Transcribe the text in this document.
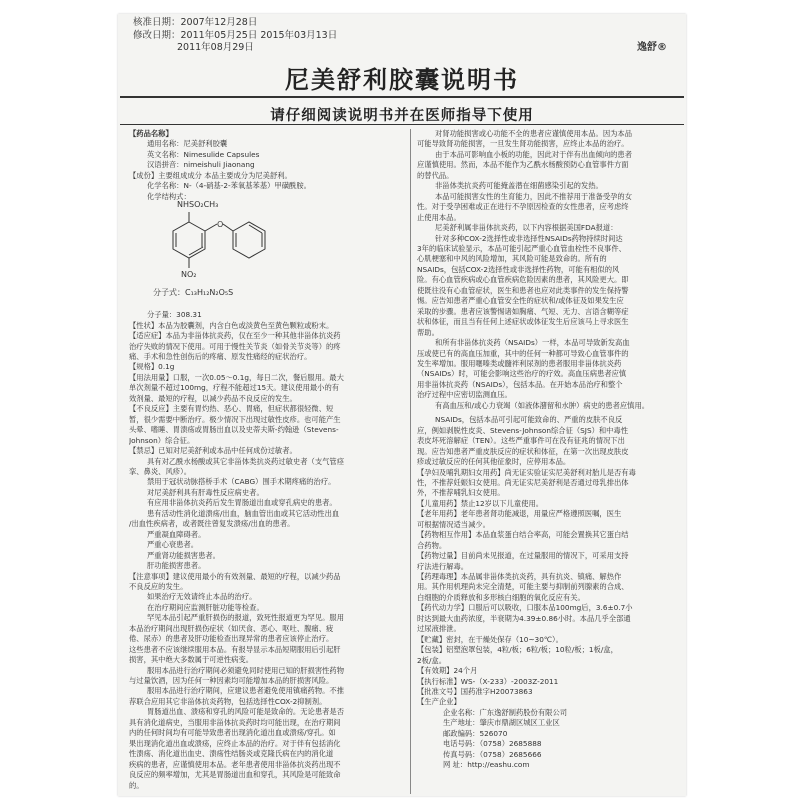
核准日期：2007年12月28日
修改日期：2011年05月25日 2015年03月13日
2011年08月29日	逸舒®
尼美舒利胶囊说明书
请仔细阅读说明书并在医师指导下使用

【药品名称】

通用名称：尼美舒利胶囊

英文名称：Nimesulide Capsules

汉语拼音：nimeishuli Jiaonang

【成份】主要组成成分 本品主要成分为尼美舒利。

化学名称：N-（4-硝基-2-苯氧基苯基）甲磺酰胺。

化学结构式：

O
NHSO₂CH₃
NO₂
分子式：C₁₃H₁₂N₂O₅S

分子量：308.31

【性状】本品为胶囊剂，内含白色或淡黄色至黄色颗粒或粉末。

【适应症】本品为非甾体抗炎药，仅在至少一种其他非甾体抗炎药

治疗失败的情况下使用。可用于慢性关节炎（如骨关节炎等）的疼

痛、手术和急性创伤后的疼痛、原发性痛经的症状治疗。

【规格】0.1g

【用法用量】口服，一次0.05～0.1g，每日二次，餐后服用。最大

单次剂量不超过100mg，疗程不能超过15天。建议使用最小的有

效剂量、最短的疗程，以减少药品不良反应的发生。

【不良反应】主要有胃灼热、恶心、胃痛，但症状都很轻微、短

暂，很少需要中断治疗。极少情况下出现过敏性皮疹。也可能产生

头晕、嗜睡、胃溃疡或胃肠出血以及史蒂夫斯-约翰逊（Stevens-

Johnson）综合征。

【禁忌】已知对尼美舒利或本品中任何成份过敏者。

具有对乙酰水杨酸或其它非甾体类抗炎药过敏史者（支气管痉

挛、鼻炎、风疹）。

禁用于冠状动脉搭桥手术（CABG）围手术期疼痛的治疗。

对尼美舒利具有肝毒性反应病史者。

有应用非甾体抗炎药后发生胃肠道出血或穿孔病史的患者。

患有活动性消化道溃疡/出血，脑血管出血或其它活动性出血

/出血性疾病者，或者既往曾复发溃疡/出血的患者。

严重凝血障碍者。

严重心衰患者。

严重肾功能损害患者。

肝功能损害患者。

【注意事项】建议使用最小的有效剂量、最短的疗程，以减少药品

不良反应的发生。

如果治疗无效请终止本品的治疗。

在治疗期间应监测肝脏功能等检查。

罕见本品引起严重肝损伤的报道，致死性报道更为罕见。服用

本品治疗期间出现肝损伤症状（如厌食、恶心、呕吐、腹痛、疲

倦、尿赤）的患者及肝功能检查出现异常的患者应该停止治疗。

这些患者不应该继续服用本品。有报导显示本品短期服用后引起肝

损害，其中绝大多数属于可逆性病变。

服用本品进行治疗期间必须避免同时使用已知的肝损害性药物

与过量饮酒，因为任何一种因素均可能增加本品的肝损害风险。

服用本品进行治疗期间，应建议患者避免使用镇痛药物。不推

荐联合应用其它非甾体抗炎药物，包括选择性COX-2抑制剂。

胃肠道出血、溃疡和穿孔的风险可能是致命的。无论患者是否

具有消化道病史，当服用非甾体抗炎药时均可能出现，在治疗期间

内的任何时间均有可能导致患者出现消化道出血或溃疡/穿孔。如

果出现消化道出血或溃疡，应终止本品的治疗。对于伴有包括消化

性溃疡、消化道出血史、溃疡性结肠炎或克隆氏病在内的消化道

疾病的患者，应谨慎使用本品。老年患者使用非甾体抗炎药出现不

良反应的频率增加，尤其是胃肠道出血和穿孔，其风险是可能致命

的。

对肾功能损害或心功能不全的患者应谨慎使用本品。因为本品

可能导致肾功能损害，一旦发生肾功能损害，应终止本品的治疗。

由于本品可影响血小板的功能，因此对于伴有出血倾向的患者

应谨慎使用。然而，本品不能作为乙酰水杨酸预防心血管事件方面

的替代品。

非甾体类抗炎药可能掩盖潜在细菌感染引起的发热。

本品可能损害女性的生育能力，因此不推荐用于准备受孕的女

性。对于受孕困难或正在进行不孕原因检查的女性患者，应考虑终

止使用本品。

尼美舒利属非甾体抗炎药，以下内容根据美国FDA报道：

针对多种COX-2选择性或非选择性NSAIDs药物持续时间达

3年的临床试验显示，本品可能引起严重心血管血栓性不良事件、

心肌梗塞和中风的风险增加，其风险可能是致命的。所有的

NSAIDs，包括COX-2选择性或非选择性药物，可能有相似的风

险。有心血管疾病或心血管疾病危险因素的患者，其风险更大。即

使既往没有心血管症状，医生和患者也应对此类事件的发生保持警

惕。应告知患者严重心血管安全性的症状和/或体征及如果发生应

采取的步骤。患者应该警惕诸如胸痛、气短、无力、言语含糊等症

状和体征，而且当有任何上述症状或体征发生后应该马上寻求医生

帮助。

和所有非甾体抗炎药（NSAIDs）一样，本品可导致新发高血

压或使已有的高血压加重，其中的任何一种都可导致心血管事件的

发生率增加。服用噻嗪类或髓袢利尿剂的患者服用非甾体抗炎药

（NSAIDs）时，可能会影响这些治疗的疗效。高血压病患者应慎

用非甾体抗炎药（NSAIDs），包括本品。在开始本品治疗和整个

治疗过程中应密切监测血压。

有高血压和/或心力衰竭（如液体潴留和水肿）病史的患者应慎用。

NSAIDs，包括本品可引起可能致命的、严重的皮肤不良反

应，例如剥脱性皮炎、Stevens-Johnson综合征（SJS）和中毒性

表皮坏死溶解症（TEN）。这些严重事件可在没有征兆的情况下出

现。应告知患者严重皮肤反应的症状和体征，在第一次出现皮肤皮

疹或过敏反应的任何其他征象时，应停用本品。

【孕妇及哺乳期妇女用药】尚无证实验证实尼美舒利对胎儿是否有毒

性，不推荐妊娠妇女使用。尚无证实尼美舒利是否通过母乳排出体

外，不推荐哺乳妇女使用。

【儿童用药】禁止12岁以下儿童使用。

【老年用药】老年患者肾功能减退，用量应严格遵照医嘱，医生

可根据情况适当减少。

【药物相互作用】本品血浆蛋白结合率高，可能会置换其它蛋白结

合药物。

【药物过量】目前尚未见报道，在过量服用的情况下，可采用支持

疗法进行解毒。

【药理毒理】本品属非甾体类抗炎药，具有抗炎、镇痛、解热作

用。其作用机理尚未完全清楚，可能主要与抑制前列腺素的合成、

白细胞的介质释放和多形核白细胞的氧化反应有关。

【药代动力学】口服后可以吸收，口服本品100mg后，3.6±0.7小

时达到最大血药浓度，半衰期为4.39±0.86小时。本品几乎全部通

过尿液排泄。

【贮藏】密封，在干燥处保存（10~30℃）。

【包装】铝塑泡罩包装，4粒/板；6粒/板；10粒/板；1板/盒，

2板/盒。

【有效期】24个月

【执行标准】WS-（X-233）-2003Z-2011

【批准文号】国药准字H20073863

【生产企业】

企业名称：广东逸舒制药股份有限公司

生产地址：肇庆市鼎湖区城区工业区

邮政编码：526070

电话号码：（0758）2685888

传真号码：（0758）2685666

网 址：http://eashu.com
